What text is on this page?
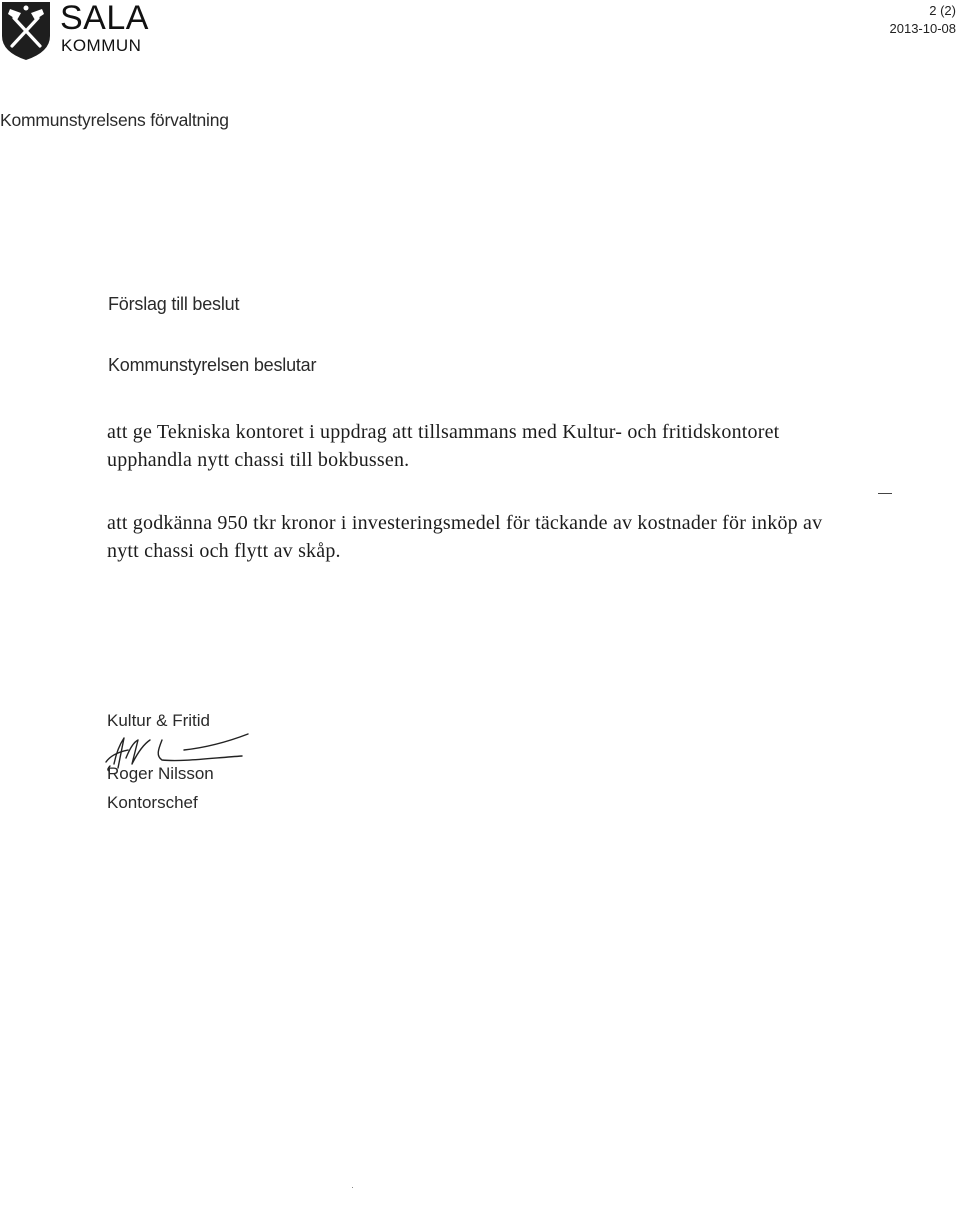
SALA
KOMMUN
2 (2)
2013-10-08
Kommunstyrelsens förvaltning
Förslag till beslut
Kommunstyrelsen beslutar

att ge Tekniska kontoret i uppdrag att tillsammans med Kultur- och fritidskontoret upphandla nytt chassi till bokbussen.

att godkänna 950 tkr kronor i investeringsmedel för täckande av kostnader för inköp av nytt chassi och flytt av skåp.

Kultur & Fritid
Roger Nilsson
Kontorschef
